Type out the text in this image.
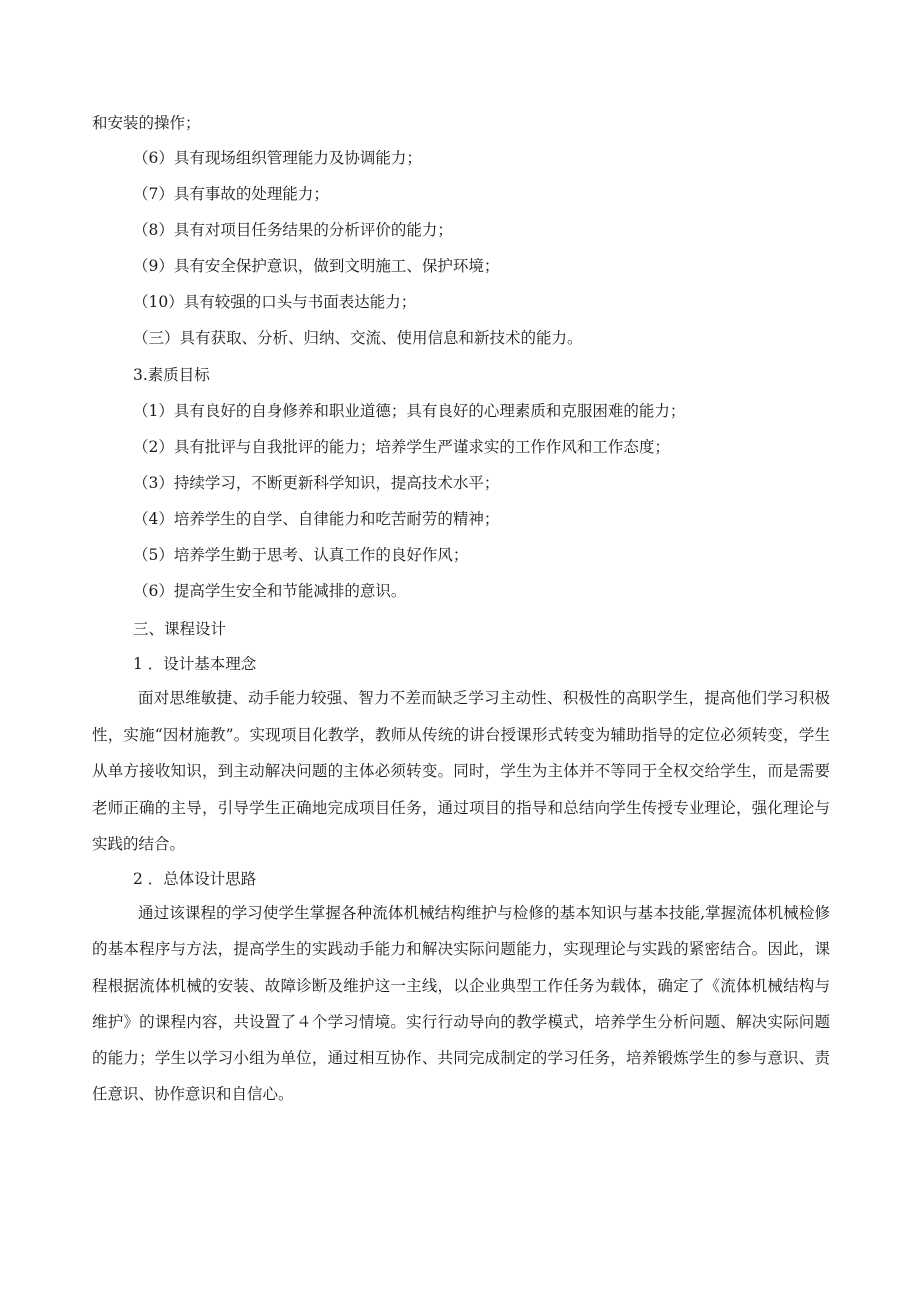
和安装的操作；
（6）具有现场组织管理能力及协调能力；
（7）具有事故的处理能力；
（8）具有对项目任务结果的分析评价的能力；
（9）具有安全保护意识，做到文明施工、保护环境；
（10）具有较强的口头与书面表达能力；
（三）具有获取、分析、归纳、交流、使用信息和新技术的能力。
3.素质目标
（1）具有良好的自身修养和职业道德；具有良好的心理素质和克服困难的能力；
（2）具有批评与自我批评的能力；培养学生严谨求实的工作作风和工作态度；
（3）持续学习，不断更新科学知识，提高技术水平；
（4）培养学生的自学、自律能力和吃苦耐劳的精神；
（5）培养学生勤于思考、认真工作的良好作风；
（6）提高学生安全和节能减排的意识。
三、课程设计
1 ．设计基本理念
面对思维敏捷、动手能力较强、智力不差而缺乏学习主动性、积极性的高职学生，提高他们学习积极性，实施“因材施教”。实现项目化教学，教师从传统的讲台授课形式转变为辅助指导的定位必须转变，学生从单方接收知识，到主动解决问题的主体必须转变。同时，学生为主体并不等同于全权交给学生，而是需要老师正确的主导，引导学生正确地完成项目任务，通过项目的指导和总结向学生传授专业理论，强化理论与实践的结合。
2 ．总体设计思路
通过该课程的学习使学生掌握各种流体机械结构维护与检修的基本知识与基本技能,掌握流体机械检修的基本程序与方法，提高学生的实践动手能力和解决实际问题能力，实现理论与实践的紧密结合。因此，课程根据流体机械的安装、故障诊断及维护这一主线，以企业典型工作任务为载体，确定了《流体机械结构与维护》的课程内容，共设置了４个学习情境。实行行动导向的教学模式，培养学生分析问题、解决实际问题的能力；学生以学习小组为单位，通过相互协作、共同完成制定的学习任务，培养锻炼学生的参与意识、责任意识、协作意识和自信心。
